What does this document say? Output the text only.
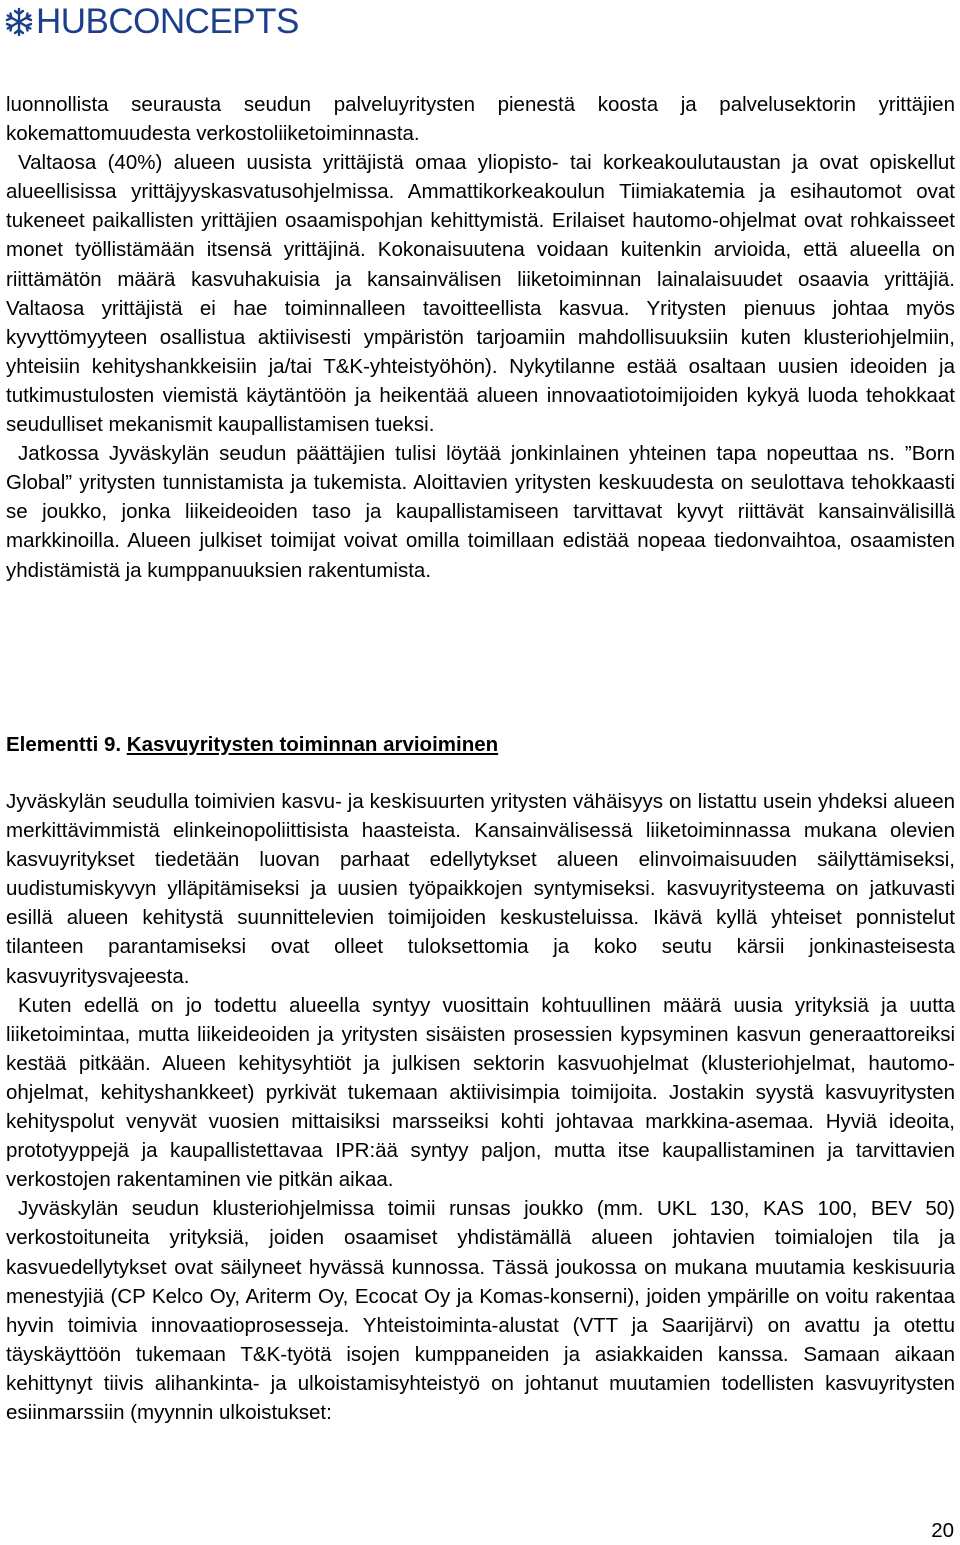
HUBCONCEPTS

luonnollista seurausta seudun palveluyritysten pienestä koosta ja palvelusektorin yrittäjien kokemattomuudesta verkostoliiketoiminnasta.

Valtaosa (40%) alueen uusista yrittäjistä omaa yliopisto- tai korkeakoulutaustan ja ovat opiskellut alueellisissa yrittäjyyskasvatusohjelmissa. Ammattikorkeakoulun Tiimiakatemia ja esihautomot ovat tukeneet paikallisten yrittäjien osaamispohjan kehittymistä. Erilaiset hautomo-ohjelmat ovat rohkaisseet monet työllistämään itsensä yrittäjinä. Kokonaisuutena voidaan kuitenkin arvioida, että alueella on riittämätön määrä kasvuhakuisia ja kansainvälisen liiketoiminnan lainalaisuudet osaavia yrittäjiä. Valtaosa yrittäjistä ei hae toiminnalleen tavoitteellista kasvua. Yritysten pienuus johtaa myös kyvyttömyyteen osallistua aktiivisesti ympäristön tarjoamiin mahdollisuuksiin kuten klusteriohjelmiin, yhteisiin kehityshankkeisiin ja/tai T&K-yhteistyöhön). Nykytilanne estää osaltaan uusien ideoiden ja tutkimustulosten viemistä käytäntöön ja heikentää alueen innovaatiotoimijoiden kykyä luoda tehokkaat seudulliset mekanismit kaupallistamisen tueksi.

Jatkossa Jyväskylän seudun päättäjien tulisi löytää jonkinlainen yhteinen tapa nopeuttaa ns. ”Born Global” yritysten tunnistamista ja tukemista. Aloittavien yritysten keskuudesta on seulottava tehokkaasti se joukko, jonka liikeideoiden taso ja kaupallistamiseen tarvittavat kyvyt riittävät kansainvälisillä markkinoilla. Alueen julkiset toimijat voivat omilla toimillaan edistää nopeaa tiedonvaihtoa, osaamisten yhdistämistä ja kumppanuuksien rakentumista.

Elementti 9. Kasvuyritysten toiminnan arvioiminen

Jyväskylän seudulla toimivien kasvu- ja keskisuurten yritysten vähäisyys on listattu usein yhdeksi alueen merkittävimmistä elinkeinopoliittisista haasteista. Kansainvälisessä liiketoiminnassa mukana olevien kasvuyritykset tiedetään luovan parhaat edellytykset alueen elinvoimaisuuden säilyttämiseksi, uudistumiskyvyn ylläpitämiseksi ja uusien työpaikkojen syntymiseksi. kasvuyritysteema on jatkuvasti esillä alueen kehitystä suunnittelevien toimijoiden keskusteluissa. Ikävä kyllä yhteiset ponnistelut tilanteen parantamiseksi ovat olleet tuloksettomia ja koko seutu kärsii jonkinasteisesta kasvuyritysvajeesta.

Kuten edellä on jo todettu alueella syntyy vuosittain kohtuullinen määrä uusia yrityksiä ja uutta liiketoimintaa, mutta liikeideoiden ja yritysten sisäisten prosessien kypsyminen kasvun generaattoreiksi kestää pitkään. Alueen kehitysyhtiöt ja julkisen sektorin kasvuohjelmat (klusteriohjelmat, hautomo-ohjelmat, kehityshankkeet) pyrkivät tukemaan aktiivisimpia toimijoita. Jostakin syystä kasvuyritysten kehityspolut venyvät vuosien mittaisiksi marsseiksi kohti johtavaa markkina-asemaa. Hyviä ideoita, prototyyppejä ja kaupallistettavaa IPR:ää syntyy paljon, mutta itse kaupallistaminen ja tarvittavien verkostojen rakentaminen vie pitkän aikaa.

Jyväskylän seudun klusteriohjelmissa toimii runsas joukko (mm. UKL 130, KAS 100, BEV 50) verkostoituneita yrityksiä, joiden osaamiset yhdistämällä alueen johtavien toimialojen tila ja kasvuedellytykset ovat säilyneet hyvässä kunnossa. Tässä joukossa on mukana muutamia keskisuuria menestyjiä (CP Kelco Oy, Ariterm Oy, Ecocat Oy ja Komas-konserni), joiden ympärille on voitu rakentaa hyvin toimivia innovaatioprosesseja. Yhteistoiminta-alustat (VTT ja Saarijärvi) on avattu ja otettu täyskäyttöön tukemaan T&K-työtä isojen kumppaneiden ja asiakkaiden kanssa. Samaan aikaan kehittynyt tiivis alihankinta- ja ulkoistamisyhteistyö on johtanut muutamien todellisten kasvuyritysten esiinmarssiin (myynnin ulkoistukset:

20
